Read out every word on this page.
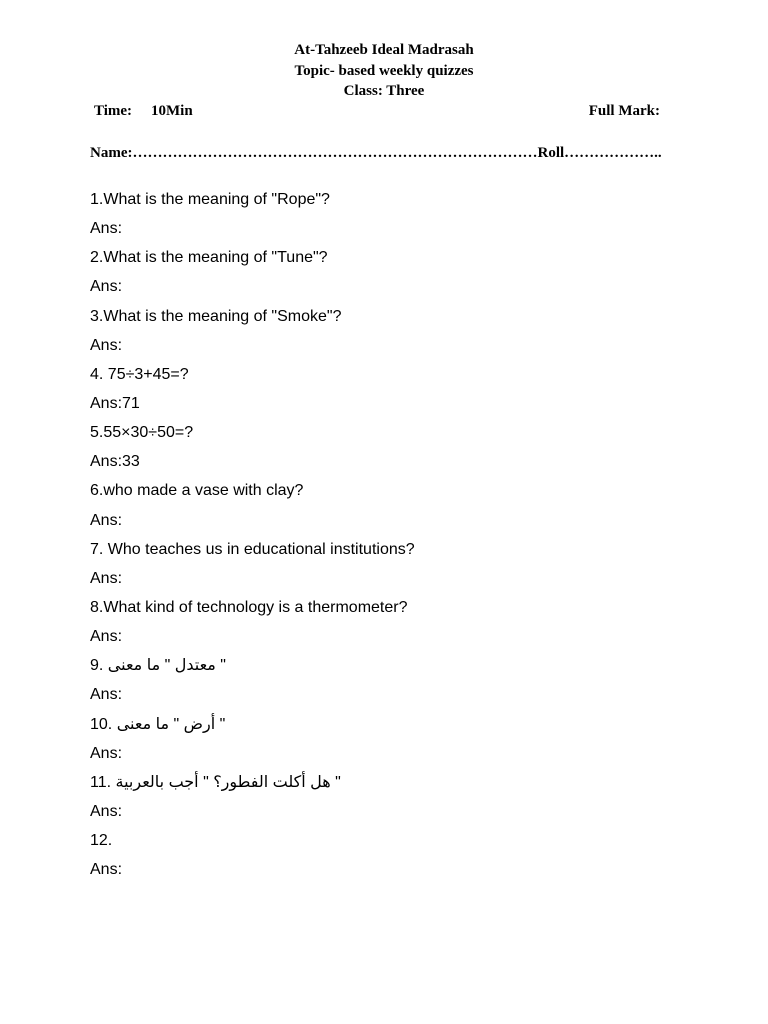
At-Tahzeeb Ideal Madrasah
Topic- based weekly quizzes
Class: Three
Time: 10Min	Full Mark:
Name:………………………………………………………………………Roll………………..
1.What is the meaning of "Rope"?
Ans:
2.What is the meaning of "Tune"?
Ans:
3.What is the meaning of "Smoke"?
Ans:
4. 75÷3+45=?
Ans:71
5.55×30÷50=?
Ans:33
6.who made a vase with clay?
Ans:
7. Who teaches us in educational institutions?
Ans:
8.What kind of technology is a thermometer?
Ans:
9. " معتدل " ما معنى
Ans:
10. " أرض " ما معنى
Ans:
11. " هل أكلت الفطور؟ " أجب بالعربية
Ans:
12.
Ans:
